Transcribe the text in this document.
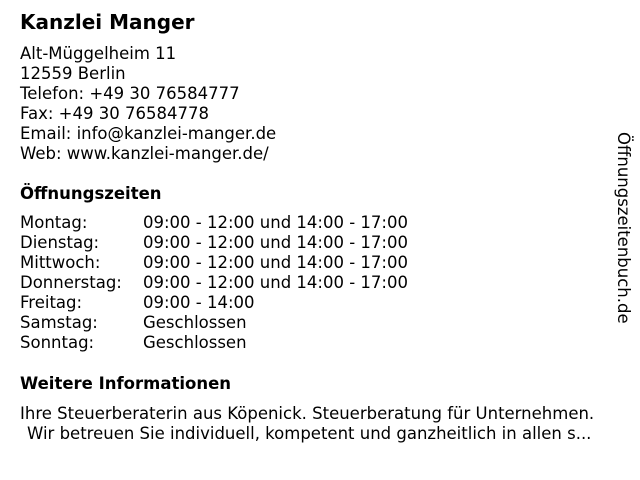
Kanzlei Manger
Alt-Müggelheim 11
12559 Berlin
Telefon: +49 30 76584777
Fax: +49 30 76584778
Email: info@kanzlei-manger.de
Web: www.kanzlei-manger.de/
Öffnungszeiten
Montag:	09:00 - 12:00 und 14:00 - 17:00
Dienstag:	09:00 - 12:00 und 14:00 - 17:00
Mittwoch:	09:00 - 12:00 und 14:00 - 17:00
Donnerstag: 09:00 - 12:00 und 14:00 - 17:00
Freitag:	09:00 - 14:00
Samstag:	Geschlossen
Sonntag:	Geschlossen
Weitere Informationen
Ihre Steuerberaterin aus Köpenick. Steuerberatung für Unternehmen.
Wir betreuen Sie individuell, kompetent und ganzheitlich in allen s...
Öffnungszeitenbuch.de
